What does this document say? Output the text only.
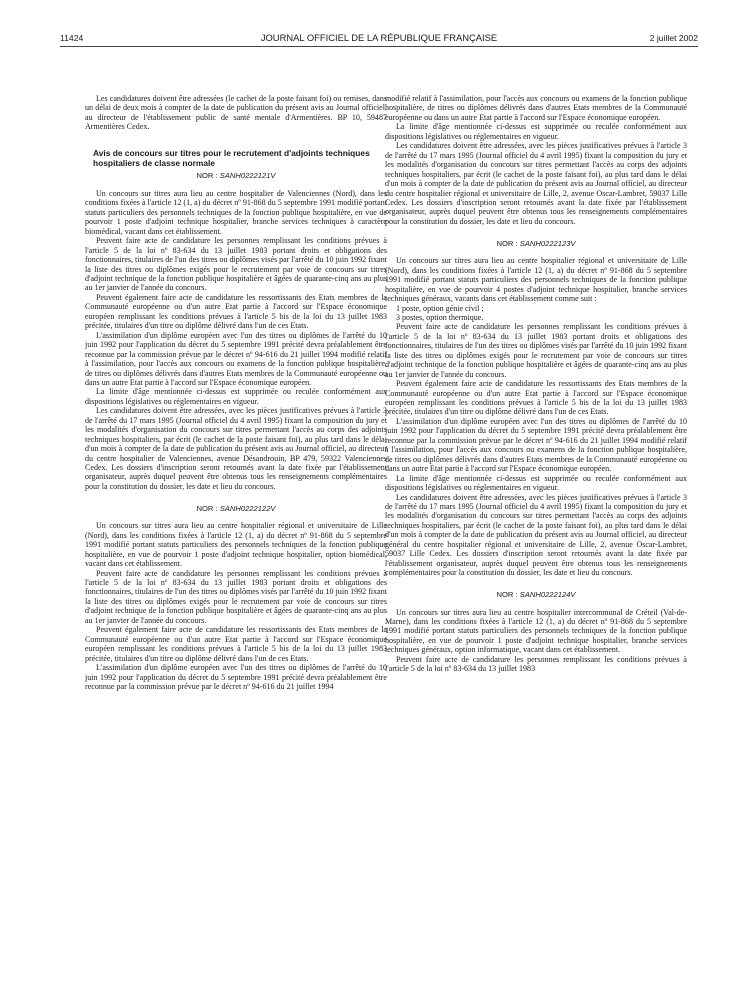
11424	JOURNAL OFFICIEL DE LA RÉPUBLIQUE FRANÇAISE	2 juillet 2002

Les candidatures doivent être adressées (le cachet de la poste faisant foi) ou remises, dans un délai de deux mois à compter de la date de publication du présent avis au Journal officiel, au directeur de l'établissement public de santé mentale d'Armentières. BP 10, 59487 Armentières Cedex.

Avis de concours sur titres pour le recrutement d'adjoints techniques hospitaliers de classe normale

NOR : SANH0222121V

Un concours sur titres aura lieu au centre hospitalier de Valenciennes (Nord), dans les conditions fixées à l'article 12 (1, a) du décret nº 91-868 du 5 septembre 1991 modifié portant statuts particuliers des personnels techniques de la fonction publique hospitalière, en vue de pourvoir 1 poste d'adjoint technique hospitalier, branche services techniques à caractère biomédical, vacant dans cet établissement.

Peuvent faire acte de candidature les personnes remplissant les conditions prévues à l'article 5 de la loi nº 83-634 du 13 juillet 1983 portant droits et obligations des fonctionnaires, titulaires de l'un des titres ou diplômes visés par l'arrêté du 10 juin 1992 fixant la liste des titres ou diplômes exigés pour le recrutement par voie de concours sur titres d'adjoint technique de la fonction publique hospitalière et âgées de quarante-cinq ans au plus au 1er janvier de l'année du concours.

Peuvent également faire acte de candidature les ressortissants des Etats membres de la Communauté européenne ou d'un autre Etat partie à l'accord sur l'Espace économique européen remplissant les conditions prévues à l'article 5 bis de la loi du 13 juillet 1983 précitée, titulaires d'un titre ou diplôme délivré dans l'un de ces Etats.

L'assimilation d'un diplôme européen avec l'un des titres ou diplômes de l'arrêté du 10 juin 1992 pour l'application du décret du 5 septembre 1991 précité devra préalablement être reconnue par la commission prévue par le décret nº 94-616 du 21 juillet 1994 modifié relatif à l'assimilation, pour l'accès aux concours ou examens de la fonction publique hospitalière, de titres ou diplômes délivrés dans d'autres Etats membres de la Communauté européenne ou dans un autre Etat partie à l'accord sur l'Espace économique européen.

La limite d'âge mentionnée ci-dessus est supprimée ou reculée conformément aux dispositions législatives ou réglementaires en vigueur.

Les candidatures doivent être adressées, avec les pièces justificatives prévues à l'article 3 de l'arrêté du 17 mars 1995 (Journal officiel du 4 avril 1995) fixant la composition du jury et les modalités d'organisation du concours sur titres permettant l'accès au corps des adjoints techniques hospitaliers, par écrit (le cachet de la poste faisant foi), au plus tard dans le délai d'un mois à compter de la date de publication du présent avis au Journal officiel, au directeur du centre hospitalier de Valenciennes, avenue Désandrouin, BP 479, 59322 Valenciennes Cedex. Les dossiers d'inscription seront retournés avant la date fixée par l'établissement organisateur, auprès duquel peuvent être obtenus tous les renseignements complémentaires pour la constitution du dossier, les date et lieu du concours.

NOR : SANH0222122V

Un concours sur titres aura lieu au centre hospitalier régional et universitaire de Lille (Nord), dans les conditions fixées à l'article 12 (1, a) du décret nº 91-868 du 5 septembre 1991 modifié portant statuts particuliers des personnels techniques de la fonction publique hospitalière, en vue de pourvoir 1 poste d'adjoint technique hospitalier, option biomédical, vacant dans cet établissement.

Peuvent faire acte de candidature les personnes remplissant les conditions prévues à l'article 5 de la loi nº 83-634 du 13 juillet 1983 portant droits et obligations des fonctionnaires, titulaires de l'un des titres ou diplômes visés par l'arrêté du 10 juin 1992 fixant la liste des titres ou diplômes exigés pour le recrutement par voie de concours sur titres d'adjoint technique de la fonction publique hospitalière et âgées de quarante-cinq ans au plus au 1er janvier de l'année du concours.

Peuvent également faire acte de candidature les ressortissants des Etats membres de la Communauté européenne ou d'un autre Etat partie à l'accord sur l'Espace économique européen remplissant les conditions prévues à l'article 5 bis de la loi du 13 juillet 1983 précitée, titulaires d'un titre ou diplôme délivré dans l'un de ces Etats.

L'assimilation d'un diplôme européen avec l'un des titres ou diplômes de l'arrêté du 10 juin 1992 pour l'application du décret du 5 septembre 1991 précité devra préalablement être reconnue par la commission prévue par le décret nº 94-616 du 21 juillet 1994

modifié relatif à l'assimilation, pour l'accès aux concours ou examens de la fonction publique hospitalière, de titres ou diplômes délivrés dans d'autres Etats membres de la Communauté européenne ou dans un autre Etat partie à l'accord sur l'Espace économique européen.

La limite d'âge mentionnée ci-dessus est supprimée ou reculée conformément aux dispositions législatives ou réglementaires en vigueur.

Les candidatures doivent être adressées, avec les pièces justificatives prévues à l'article 3 de l'arrêté du 17 mars 1995 (Journal officiel du 4 avril 1995) fixant la composition du jury et les modalités d'organisation du concours sur titres permettant l'accès au corps des adjoints techniques hospitaliers, par écrit (le cachet de la poste faisant foi), au plus tard dans le délai d'un mois à compter de la date de publication du présent avis au Journal officiel, au directeur du centre hospitalier régional et universitaire de Lille, 2, avenue Oscar-Lambret, 59037 Lille Cedex. Les dossiers d'inscription seront retournés avant la date fixée par l'établissement organisateur, auprès duquel peuvent être obtenus tous les renseignements complémentaires pour la constitution du dossier, les date et lieu du concours.

NOR : SANH0222123V

Un concours sur titres aura lieu au centre hospitalier régional et universitaire de Lille (Nord), dans les conditions fixées à l'article 12 (1, a) du décret nº 91-868 du 5 septembre 1991 modifié portant statuts particuliers des personnels techniques de la fonction publique hospitalière, en vue de pourvoir 4 postes d'adjoint technique hospitalier, branche services techniques généraux, vacants dans cet établissement comme suit :

1 poste, option génie civil ;

3 postes, option thermique.

Peuvent faire acte de candidature les personnes remplissant les conditions prévues à l'article 5 de la loi nº 83-634 du 13 juillet 1983 portant droits et obligations des fonctionnaires, titulaires de l'un des titres ou diplômes visés par l'arrêté du 10 juin 1992 fixant la liste des titres ou diplômes exigés pour le recrutement par voie de concours sur titres d'adjoint technique de la fonction publique hospitalière et âgées de quarante-cinq ans au plus au 1er janvier de l'année du concours.

Peuvent également faire acte de candidature les ressortissants des Etats membres de la Communauté européenne ou d'un autre Etat partie à l'accord sur l'Espace économique européen remplissant les conditions prévues à l'article 5 bis de la loi du 13 juillet 1983 précitée, titulaires d'un titre ou diplôme délivré dans l'un de ces Etats.

L'assimilation d'un diplôme européen avec l'un des titres ou diplômes de l'arrêté du 10 juin 1992 pour l'application du décret du 5 septembre 1991 précité devra préalablement être reconnue par la commission prévue par le décret nº 94-616 du 21 juillet 1994 modifié relatif à l'assimilation, pour l'accès aux concours ou examens de la fonction publique hospitalière, de titres ou diplômes délivrés dans d'autres Etats membres de la Communauté européenne ou dans un autre Etat partie à l'accord sur l'Espace économique européen.

La limite d'âge mentionnée ci-dessus est supprimée ou reculée conformément aux dispositions législatives ou réglementaires en vigueur.

Les candidatures doivent être adressées, avec les pièces justificatives prévues à l'article 3 de l'arrêté du 17 mars 1995 (Journal officiel du 4 avril 1995) fixant la composition du jury et les modalités d'organisation du concours sur titres permettant l'accès au corps des adjoints techniques hospitaliers, par écrit (le cachet de la poste faisant foi), au plus tard dans le délai d'un mois à compter de la date de publication du présent avis au Journal officiel, au directeur général du centre hospitalier régional et universitaire de Lille, 2, avenue Oscar-Lambret, 59037 Lille Cedex. Les dossiers d'inscription seront retournés avant la date fixée par l'établissement organisateur, auprès duquel peuvent être obtenus tous les renseignements complémentaires pour la constitution du dossier, les date et lieu du concours.

NOR : SANH0222124V

Un concours sur titres aura lieu au centre hospitalier intercommunal de Créteil (Val-de-Marne), dans les conditions fixées à l'article 12 (1, a) du décret nº 91-868 du 5 septembre 1991 modifié portant statuts particuliers des personnels techniques de la fonction publique hospitalière, en vue de pourvoir 1 poste d'adjoint technique hospitalier, branche services techniques généraux, option informatique, vacant dans cet établissement.

Peuvent faire acte de candidature les personnes remplissant les conditions prévues à l'article 5 de la loi nº 83-634 du 13 juillet 1983
